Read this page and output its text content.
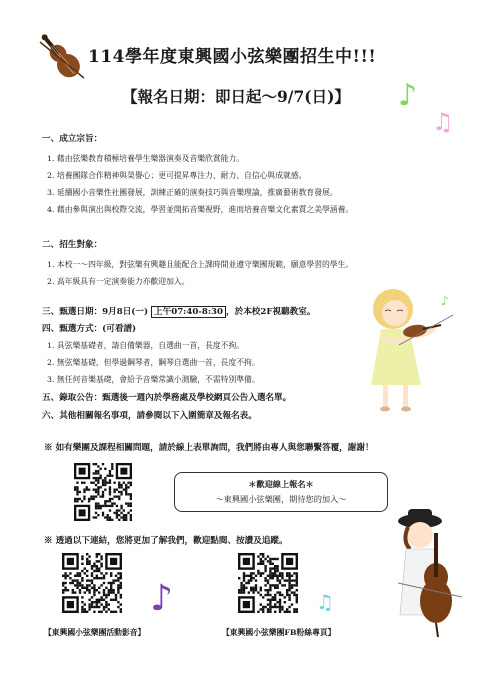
114學年度東興國小弦樂團招生中!!!
【報名日期：即日起～9/7(日)】 ♪
♫
一、成立宗旨：
1. 藉由弦樂教育積極培養學生樂器演奏及音樂欣賞能力。
2. 培養團隊合作精神與榮譽心；更可提昇專注力、耐力、自信心與成就感。
3. 延續國小音樂性社團發展，訓練正確的演奏技巧與音樂理論，推廣藝術教育發展。
4. 藉由參與演出與校際交流，學習並開拓音樂視野，進而培養音樂文化素質之美學涵養。
二、招生對象：
1. 本校一～四年級，對弦樂有興趣且能配合上課時間並遵守樂團規範，願意學習的學生。
2. 高年級具有一定演奏能力亦歡迎加入。
三、甄選日期：9月8日(一) 上午07:40-8:30 ，於本校2F視聽教室。
四、甄選方式：(可看譜)
1. 具弦樂基礎者，請自備樂器，自選曲一首，長度不拘。
2. 無弦樂基礎，但學過鋼琴者，鋼琴自選曲一首，長度不拘。
3. 無任何音樂基礎，會給予音樂常識小測驗，不需特別準備。
♪
五、錄取公告：甄選後一週內於學務處及學校網頁公告入選名單。
六、其他相關報名事項，請參閱以下入圍簡章及報名表。
※ 如有樂團及課程相關問題，請於線上表單詢問，我們將由專人與您聯繫答覆，謝謝！
＊歡迎線上報名＊
～東興國小弦樂團，期待您的加入～
※ 透過以下連結，您將更加了解我們，歡迎點閱、按讚及追蹤。
♪	♫
【東興國小弦樂團活動影音】	【東興國小弦樂團FB粉絲專頁】
